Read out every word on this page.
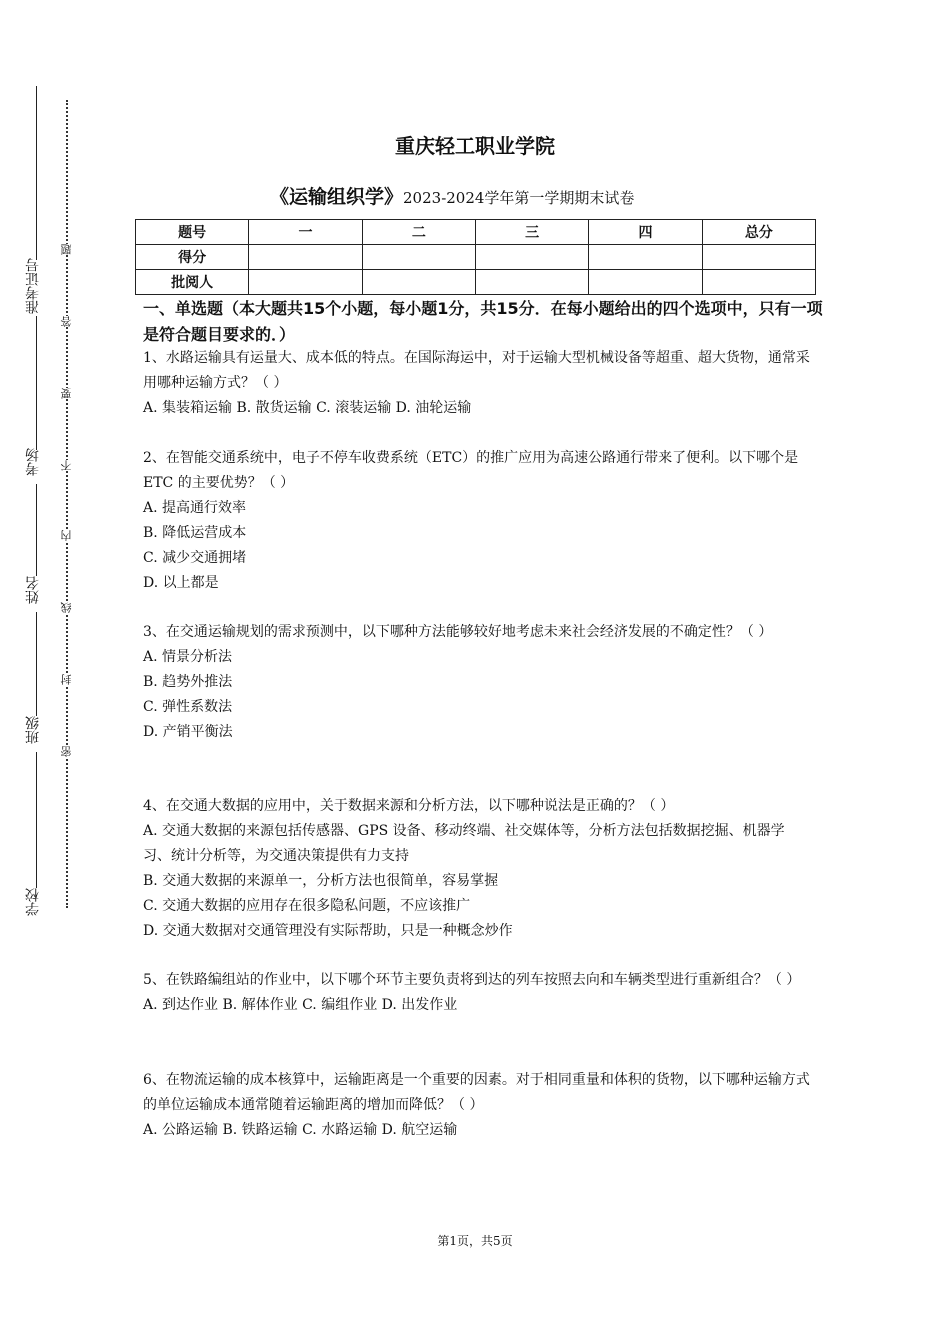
准考证号
考场
姓名
班级
学校
题
答
要
不
内
线
封
密
重庆轻工职业学院
《运输组织学》2023-2024学年第一学期期末试卷
题号	一	二	三	四	总分
得分					
批阅人					
一、单选题（本大题共15个小题，每小题1分，共15分．在每小题给出的四个选项中，只有一项是符合题目要求的．）
1、水路运输具有运量大、成本低的特点。在国际海运中，对于运输大型机械设备等超重、超大货物，通常采用哪种运输方式？（ ）
A. 集装箱运输 B. 散货运输 C. 滚装运输 D. 油轮运输
2、在智能交通系统中，电子不停车收费系统（ETC）的推广应用为高速公路通行带来了便利。以下哪个是 ETC 的主要优势？（ ）
A. 提高通行效率
B. 降低运营成本
C. 减少交通拥堵
D. 以上都是
3、在交通运输规划的需求预测中，以下哪种方法能够较好地考虑未来社会经济发展的不确定性？（ ）
A. 情景分析法
B. 趋势外推法
C. 弹性系数法
D. 产销平衡法
4、在交通大数据的应用中，关于数据来源和分析方法，以下哪种说法是正确的？（ ）
A. 交通大数据的来源包括传感器、GPS 设备、移动终端、社交媒体等，分析方法包括数据挖掘、机器学习、统计分析等，为交通决策提供有力支持
B. 交通大数据的来源单一，分析方法也很简单，容易掌握
C. 交通大数据的应用存在很多隐私问题，不应该推广
D. 交通大数据对交通管理没有实际帮助，只是一种概念炒作
5、在铁路编组站的作业中，以下哪个环节主要负责将到达的列车按照去向和车辆类型进行重新组合？（ ）
A. 到达作业 B. 解体作业 C. 编组作业 D. 出发作业
6、在物流运输的成本核算中，运输距离是一个重要的因素。对于相同重量和体积的货物，以下哪种运输方式的单位运输成本通常随着运输距离的增加而降低？（ ）
A. 公路运输 B. 铁路运输 C. 水路运输 D. 航空运输
第1页，共5页
